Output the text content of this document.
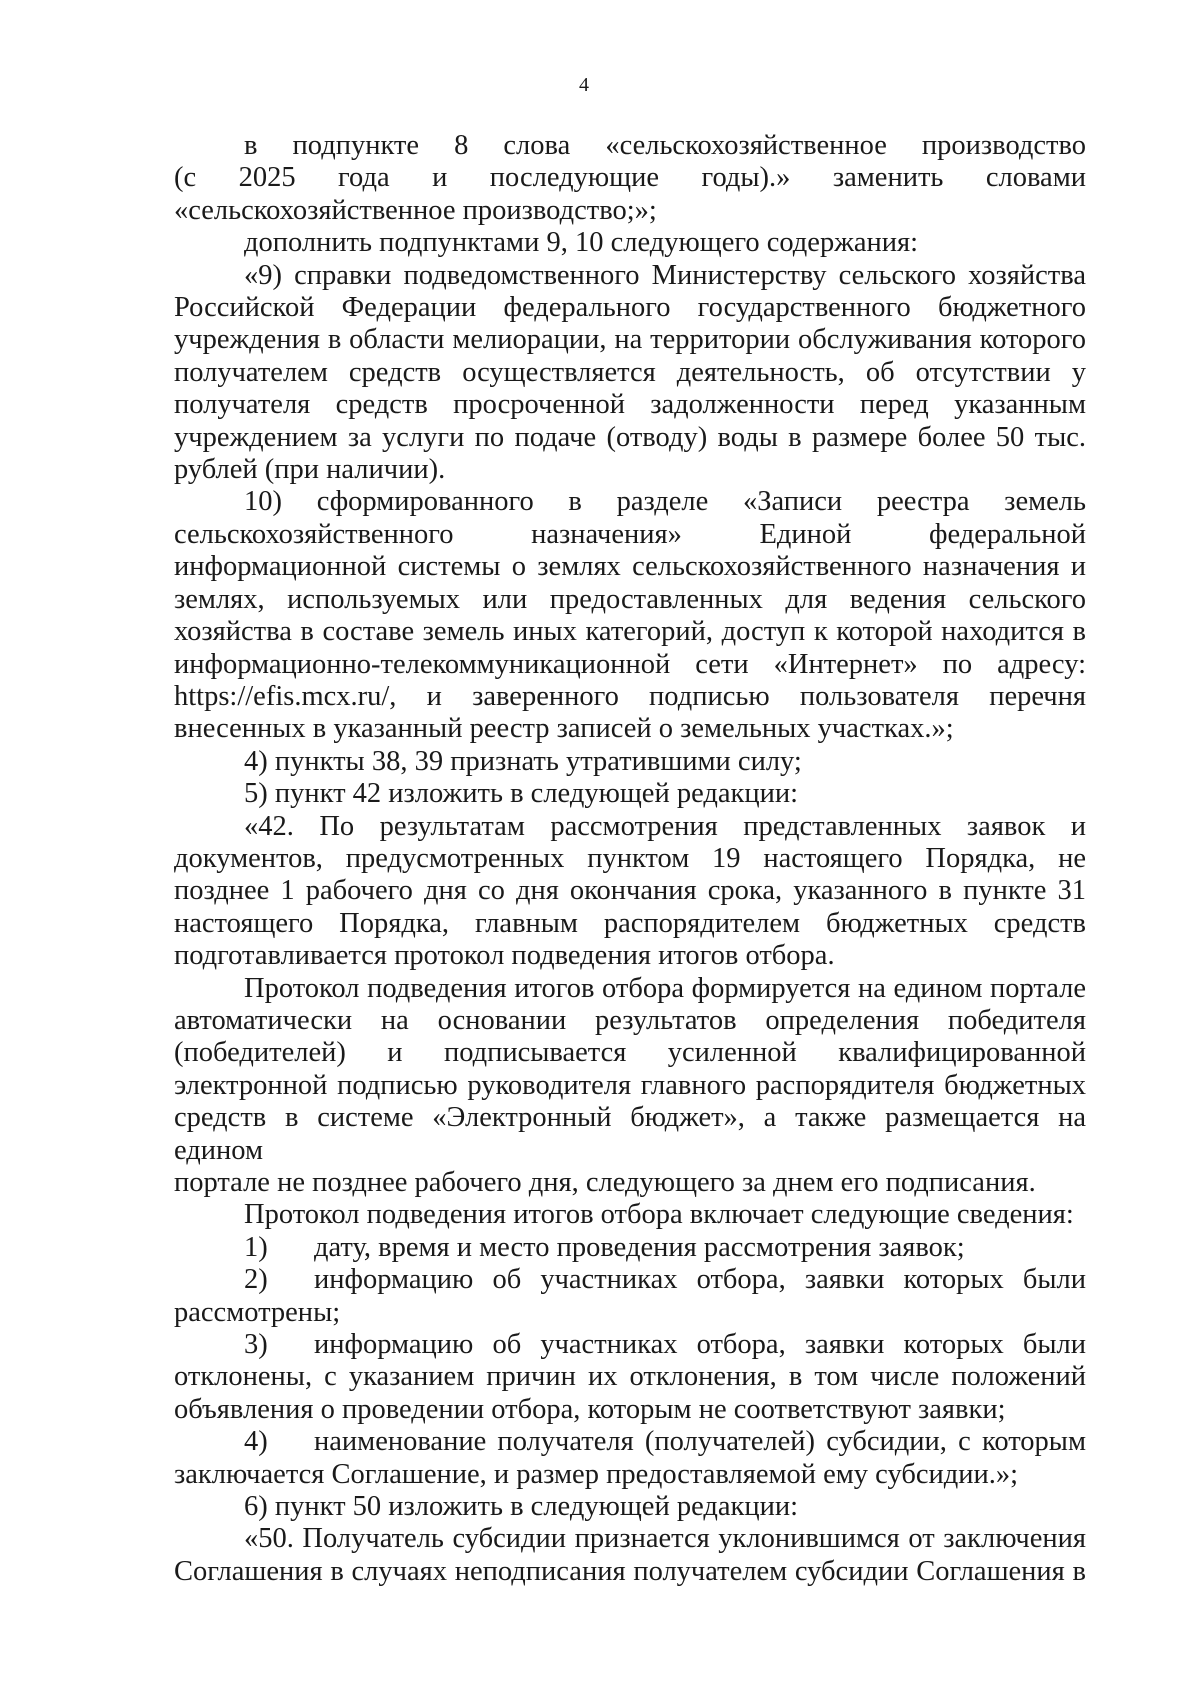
4

в подпункте 8 слова «сельскохозяйственное производство

(с 2025 года и последующие годы).» заменить словами

«сельскохозяйственное производство;»;

дополнить подпунктами 9, 10 следующего содержания:

«9) справки подведомственного Министерству сельского хозяйства

Российской Федерации федерального государственного бюджетного

учреждения в области мелиорации, на территории обслуживания которого

получателем средств осуществляется деятельность, об отсутствии у

получателя средств просроченной задолженности перед указанным

учреждением за услуги по подаче (отводу) воды в размере более 50 тыс.

рублей (при наличии).

10) сформированного в разделе «Записи реестра земель

сельскохозяйственного назначения» Единой федеральной

информационной системы о землях сельскохозяйственного назначения и

землях, используемых или предоставленных для ведения сельского

хозяйства в составе земель иных категорий, доступ к которой находится в

информационно-телекоммуникационной сети «Интернет» по адресу:

https://efis.mcx.ru/, и заверенного подписью пользователя перечня

внесенных в указанный реестр записей о земельных участках.»;

4) пункты 38, 39 признать утратившими силу;

5) пункт 42 изложить в следующей редакции:

«42. По результатам рассмотрения представленных заявок и

документов, предусмотренных пунктом 19 настоящего Порядка, не

позднее 1 рабочего дня со дня окончания срока, указанного в пункте 31

настоящего Порядка, главным распорядителем бюджетных средств

подготавливается протокол подведения итогов отбора.

Протокол подведения итогов отбора формируется на едином портале

автоматически на основании результатов определения победителя

(победителей) и подписывается усиленной квалифицированной

электронной подписью руководителя главного распорядителя бюджетных

средств в системе «Электронный бюджет», а также размещается на едином

портале не позднее рабочего дня, следующего за днем его подписания.

Протокол подведения итогов отбора включает следующие сведения:

1) дату, время и место проведения рассмотрения заявок;

2)	информацию об участниках отбора, заявки которых были

рассмотрены;

3)	информацию об участниках отбора, заявки которых были

отклонены, с указанием причин их отклонения, в том числе положений

объявления о проведении отбора, которым не соответствуют заявки;

4)	наименование получателя (получателей) субсидии, с которым

заключается Соглашение, и размер предоставляемой ему субсидии.»;

6) пункт 50 изложить в следующей редакции:

«50. Получатель субсидии признается уклонившимся от заключения

Соглашения в случаях неподписания получателем субсидии Соглашения в
